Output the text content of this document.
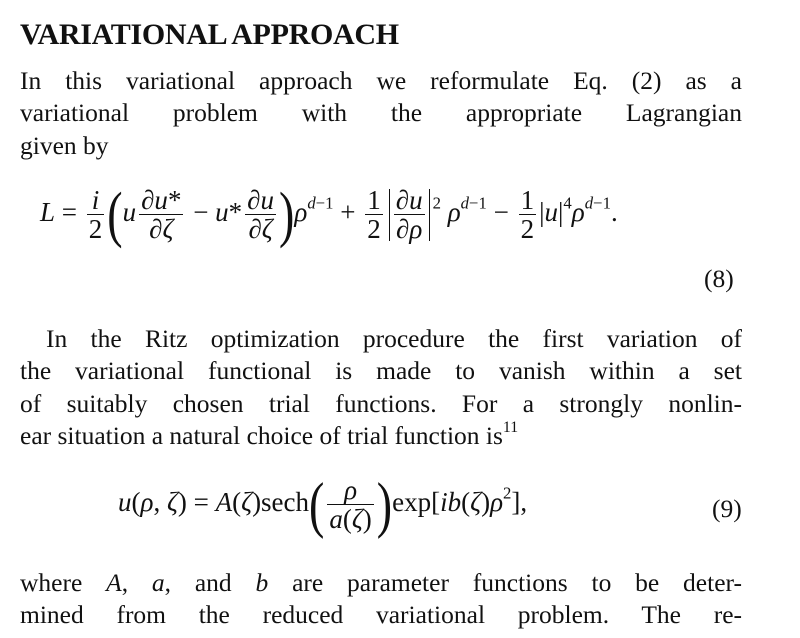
VARIATIONAL APPROACH
In this variational approach we reformulate Eq. (2) as a
variational problem with the appropriate Lagrangian
given by
$L = \frac{i}{2} (u \frac{\partial u*}{\partial\zeta} - u* \frac{\partial u}{\partial\zeta} )\rho^{d-1} + \frac{1}{2} \frac{\partial u}{\partial\rho} ^2$ $\rho^{d-1} - \frac{1}{2} |u|^4\rho^{d-1}$.
(8)
In the Ritz optimization procedure the first variation of
the variational functional is made to vanish within a set
of suitably chosen trial functions. For a strongly nonlin-
ear situation a natural choice of trial function $is^{11}$
u(ρ, $\zeta) = A(\zeta)\sec h( \frac{\rho}{a(\zeta)} )\exp[ib(\zeta)\rho^2]$,	(9)
where A, a, and b are parameter functions to be deter-
mined from the reduced variational problem. The re-
